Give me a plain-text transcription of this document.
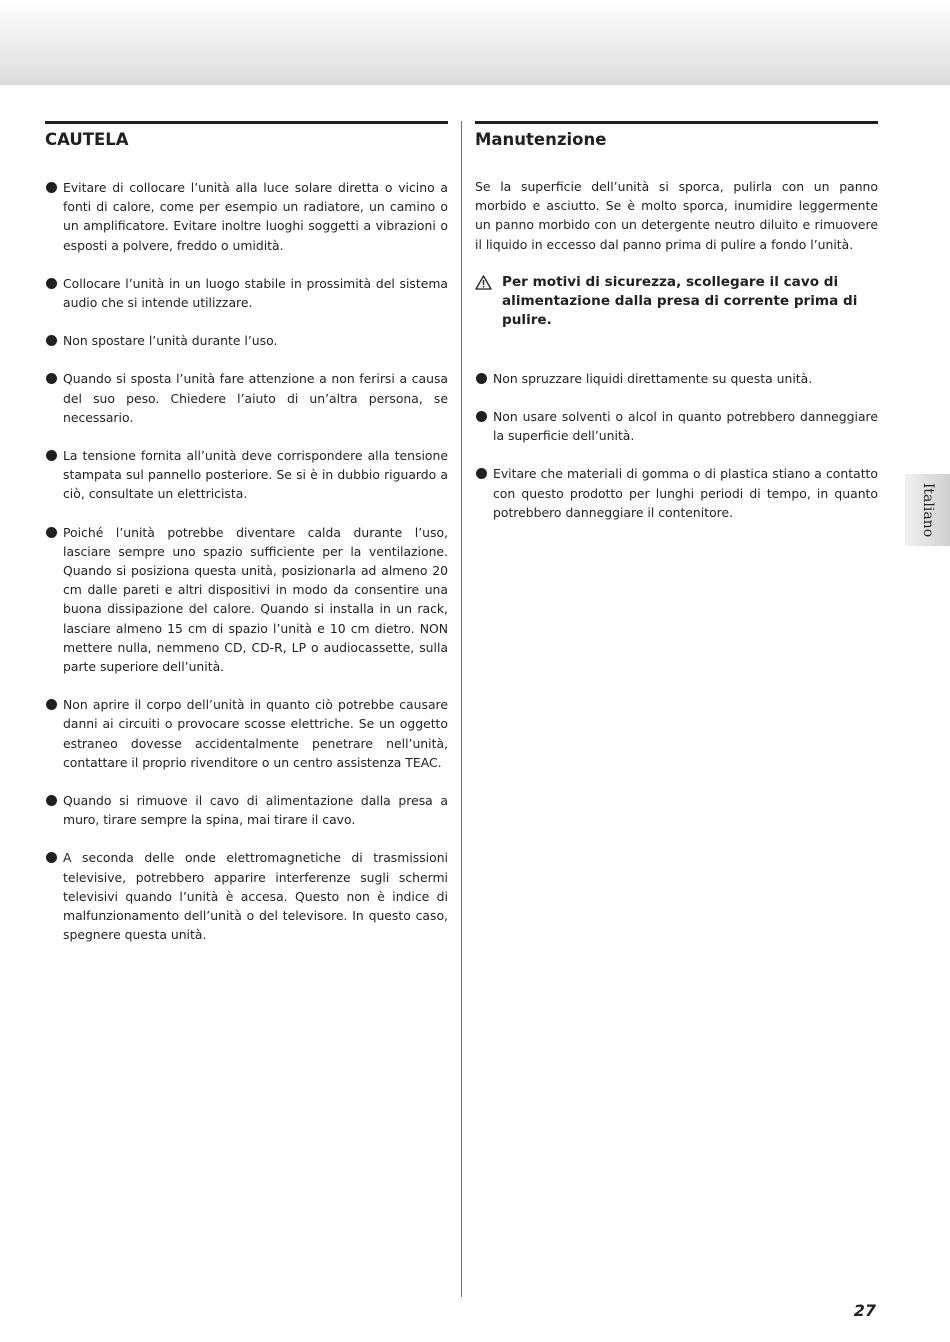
CAUTELA
Evitare di collocare l’unità alla luce solare diretta o vicino a fonti di calore, come per esempio un radiatore, un camino o un amplificatore. Evitare inoltre luoghi soggetti a vibrazioni o esposti a polvere, freddo o umidità.
Collocare l’unità in un luogo stabile in prossimità del sistema audio che si intende utilizzare.
Non spostare l’unità durante l’uso.
Quando si sposta l’unità fare attenzione a non ferirsi a causa del suo peso. Chiedere l’aiuto di un’altra persona, se necessario.
La tensione fornita all’unità deve corrispondere alla tensione stampata sul pannello posteriore. Se si è in dubbio riguardo a ciò, consultate un elettricista.
Poiché l’unità potrebbe diventare calda durante l’uso, lasciare sempre uno spazio sufficiente per la ventilazione. Quando si posiziona questa unità, posizionarla ad almeno 20 cm dalle pareti e altri dispositivi in modo da consentire una buona dissipazione del calore. Quando si installa in un rack, lasciare almeno 15 cm di spazio l’unità e 10 cm dietro. NON mettere nulla, nemmeno CD, CD-R, LP o audiocassette, sulla parte superiore dell’unità.
Non aprire il corpo dell’unità in quanto ciò potrebbe causare danni ai circuiti o provocare scosse elettriche. Se un oggetto estraneo dovesse accidentalmente penetrare nell’unità, contattare il proprio rivenditore o un centro assistenza TEAC.
Quando si rimuove il cavo di alimentazione dalla presa a muro, tirare sempre la spina, mai tirare il cavo.
A seconda delle onde elettromagnetiche di trasmissioni televisive, potrebbero apparire interferenze sugli schermi televisivi quando l’unità è accesa. Questo non è indice di malfunzionamento dell’unità o del televisore. In questo caso, spegnere questa unità.
Manutenzione

Se la superficie dell’unità si sporca, pulirla con un panno morbido e asciutto. Se è molto sporca, inumidire leggermente un panno morbido con un detergente neutro diluito e rimuovere il liquido in eccesso dal panno prima di pulire a fondo l’unità.

Per motivi di sicurezza, scollegare il cavo di alimentazione dalla presa di corrente prima di pulire.
Non spruzzare liquidi direttamente su questa unità.
Non usare solventi o alcol in quanto potrebbero danneggiare la superficie dell’unità.
Evitare che materiali di gomma o di plastica stiano a contatto con questo prodotto per lunghi periodi di tempo, in quanto potrebbero danneggiare il contenitore.	Italiano
27
